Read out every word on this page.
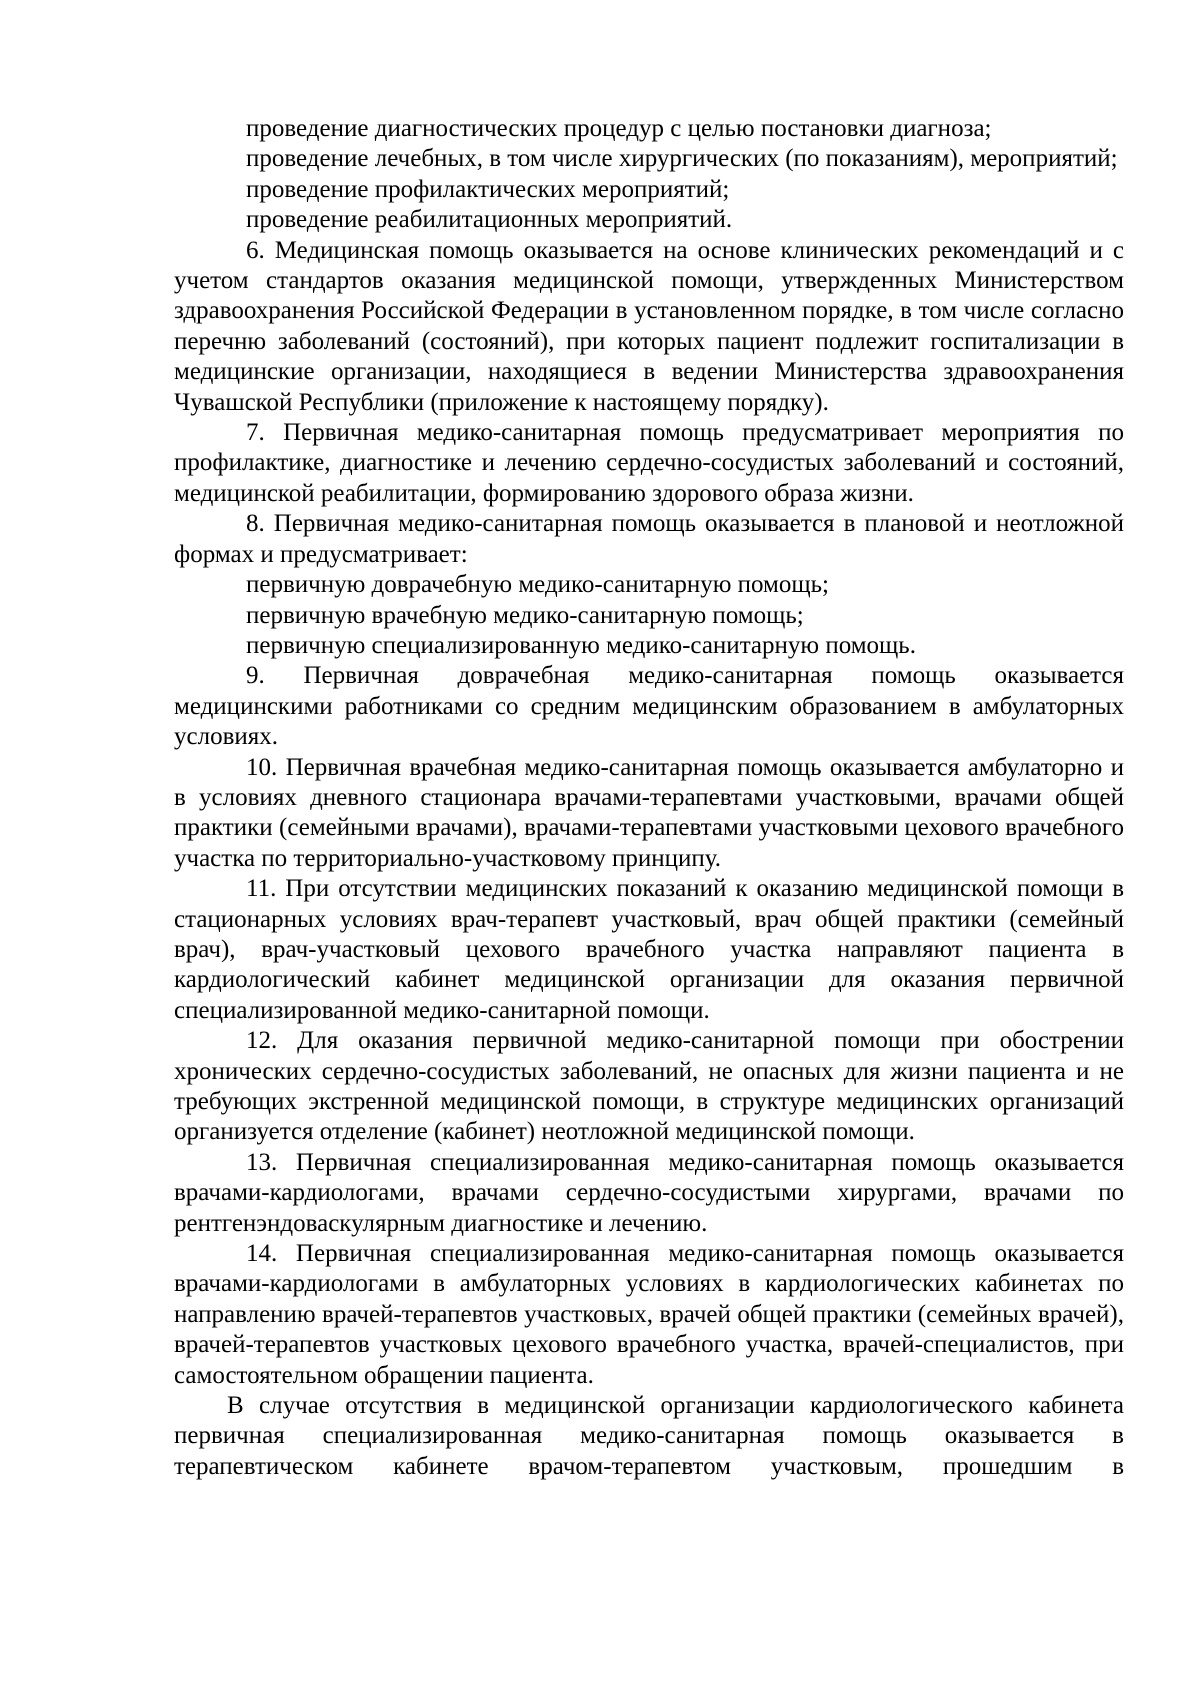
проведение диагностических процедур с целью постановки диагноза;

проведение лечебных, в том числе хирургических (по показаниям), мероприятий;

проведение профилактических мероприятий;

проведение реабилитационных мероприятий.

6. Медицинская помощь оказывается на основе клинических рекомендаций и с учетом стандартов оказания медицинской помощи, утвержденных Министерством здравоохранения Российской Федерации в установленном порядке, в том числе согласно перечню заболеваний (состояний), при которых пациент подлежит госпитализации в медицинские организации, находящиеся в ведении Министерства здравоохранения Чувашской Республики (приложение к настоящему порядку).

7. Первичная медико-санитарная помощь предусматривает мероприятия по профилактике, диагностике и лечению сердечно-сосудистых заболеваний и состояний, медицинской реабилитации, формированию здорового образа жизни.

8. Первичная медико-санитарная помощь оказывается в плановой и неотложной формах и предусматривает:

первичную доврачебную медико-санитарную помощь;

первичную врачебную медико-санитарную помощь;

первичную специализированную медико-санитарную помощь.

9. Первичная доврачебная медико-санитарная помощь оказывается медицинскими работниками со средним медицинским образованием в амбулаторных условиях.

10. Первичная врачебная медико-санитарная помощь оказывается амбулаторно и в условиях дневного стационара врачами-терапевтами участковыми, врачами общей практики (семейными врачами), врачами-терапевтами участковыми цехового врачебного участка по территориально-участковому принципу.

11. При отсутствии медицинских показаний к оказанию медицинской помощи в стационарных условиях врач-терапевт участковый, врач общей практики (семейный врач), врач-участковый цехового врачебного участка направляют пациента в кардиологический кабинет медицинской организации для оказания первичной специализированной медико-санитарной помощи.

12. Для оказания первичной медико-санитарной помощи при обострении хронических сердечно-сосудистых заболеваний, не опасных для жизни пациента и не требующих экстренной медицинской помощи, в структуре медицинских организаций организуется отделение (кабинет) неотложной медицинской помощи.

13. Первичная специализированная медико-санитарная помощь оказывается врачами-кардиологами, врачами сердечно-сосудистыми хирургами, врачами по рентгенэндоваскулярным диагностике и лечению.

14. Первичная специализированная медико-санитарная помощь оказывается врачами-кардиологами в амбулаторных условиях в кардиологических кабинетах по направлению врачей-терапевтов участковых, врачей общей практики (семейных врачей), врачей-терапевтов участковых цехового врачебного участка, врачей-специалистов, при самостоятельном обращении пациента.

В случае отсутствия в медицинской организации кардиологического кабинета первичная специализированная медико-санитарная помощь оказывается в терапевтическом кабинете врачом-терапевтом участковым, прошедшим в
